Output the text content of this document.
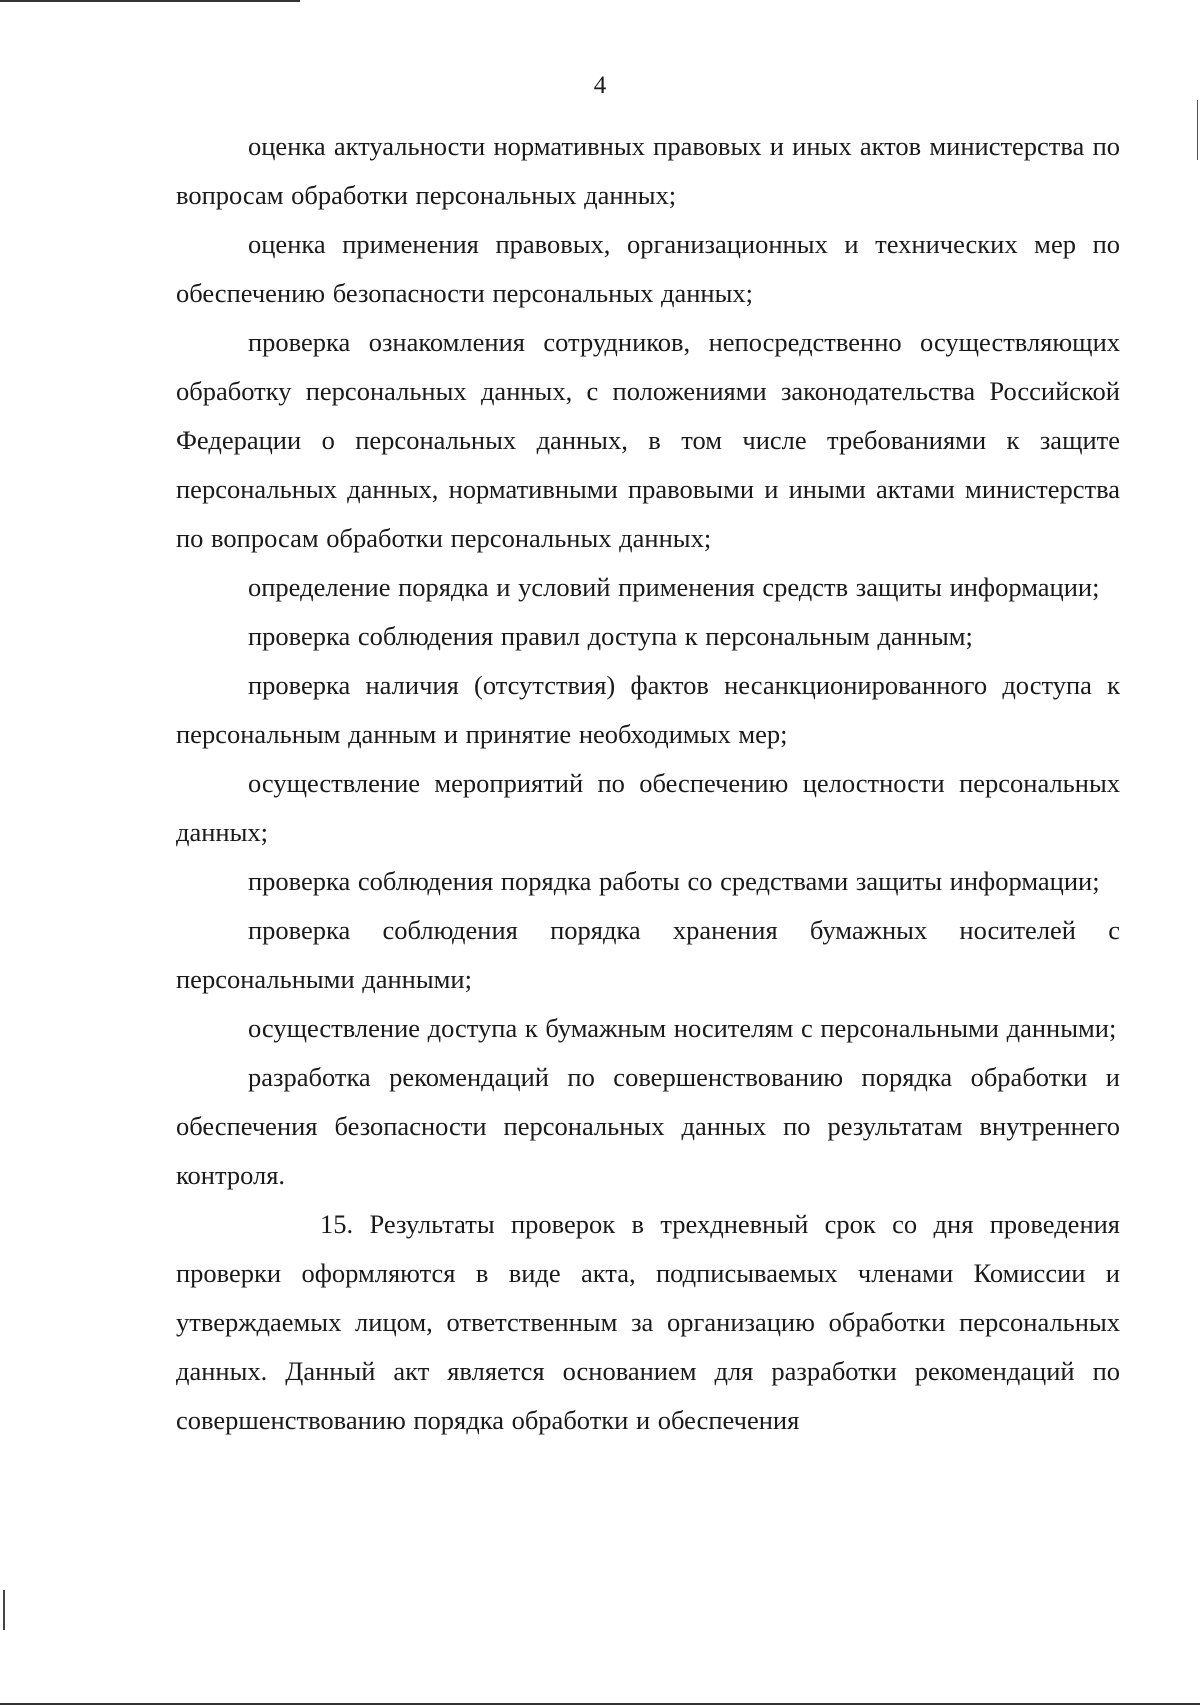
4

оценка актуальности нормативных правовых и иных актов министерства по вопросам обработки персональных данных;

оценка применения правовых, организационных и технических мер по обеспечению безопасности персональных данных;

проверка ознакомления сотрудников, непосредственно осуществляющих обработку персональных данных, с положениями законодательства Российской Федерации о персональных данных, в том числе требованиями к защите персональных данных, нормативными правовыми и иными актами министерства по вопросам обработки персональных данных;

определение порядка и условий применения средств защиты информации;

проверка соблюдения правил доступа к персональным данным;

проверка наличия (отсутствия) фактов несанкционированного доступа к персональным данным и принятие необходимых мер;

осуществление мероприятий по обеспечению целостности персональных данных;

проверка соблюдения порядка работы со средствами защиты информации;

проверка соблюдения порядка хранения бумажных носителей с персональными данными;

осуществление доступа к бумажным носителям с персональными данными;

разработка рекомендаций по совершенствованию порядка обработки и обеспечения безопасности персональных данных по результатам внутреннего контроля.

15. Результаты проверок в трехдневный срок со дня проведения проверки оформляются в виде акта, подписываемых членами Комиссии и утверждаемых лицом, ответственным за организацию обработки персональных данных. Данный акт является основанием для разработки рекомендаций по совершенствованию порядка обработки и обеспечения
